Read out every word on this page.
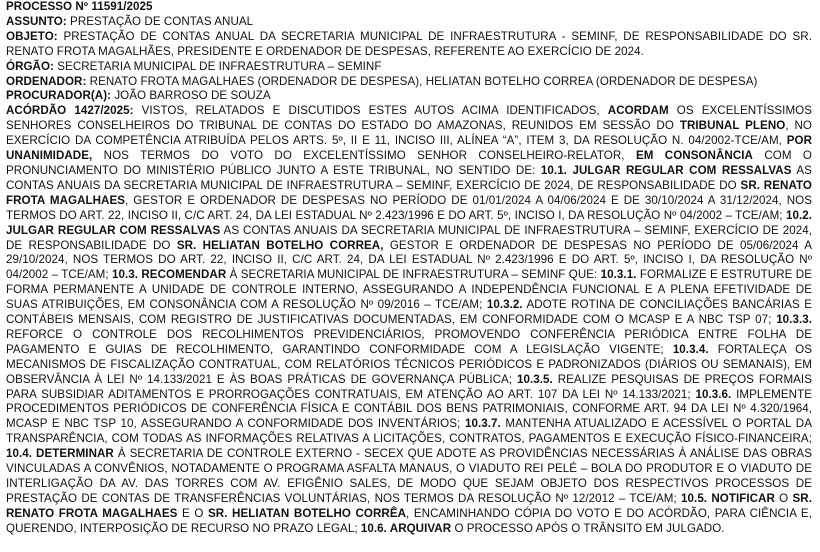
PROCESSO Nº 11591/2025
ASSUNTO: PRESTAÇÃO DE CONTAS ANUAL
OBJETO: PRESTAÇÃO DE CONTAS ANUAL DA SECRETARIA MUNICIPAL DE INFRAESTRUTURA - SEMINF, DE RESPONSABILIDADE DO SR. RENATO FROTA MAGALHÃES, PRESIDENTE E ORDENADOR DE DESPESAS, REFERENTE AO EXERCÍCIO DE 2024.
ÓRGÃO: SECRETARIA MUNICIPAL DE INFRAESTRUTURA – SEMINF
ORDENADOR: RENATO FROTA MAGALHAES (ORDENADOR DE DESPESA), HELIATAN BOTELHO CORREA (ORDENADOR DE DESPESA)
PROCURADOR(A): JOÃO BARROSO DE SOUZA
ACÓRDÃO 1427/2025: VISTOS, RELATADOS E DISCUTIDOS ESTES AUTOS ACIMA IDENTIFICADOS, ACORDAM OS EXCELENTÍSSIMOS SENHORES CONSELHEIROS DO TRIBUNAL DE CONTAS DO ESTADO DO AMAZONAS, REUNIDOS EM SESSÃO DO TRIBUNAL PLENO, NO EXERCÍCIO DA COMPETÊNCIA ATRIBUÍDA PELOS ARTS. 5º, II E 11, INCISO III, ALÍNEA “A”, ITEM 3, DA RESOLUÇÃO N. 04/2002-TCE/AM, POR UNANIMIDADE, NOS TERMOS DO VOTO DO EXCELENTÍSSIMO SENHOR CONSELHEIRO-RELATOR, EM CONSONÂNCIA COM O PRONUNCIAMENTO DO MINISTÉRIO PÚBLICO JUNTO A ESTE TRIBUNAL, NO SENTIDO DE: 10.1. JULGAR REGULAR COM RESSALVAS AS CONTAS ANUAIS DA SECRETARIA MUNICIPAL DE INFRAESTRUTURA – SEMINF, EXERCÍCIO DE 2024, DE RESPONSABILIDADE DO SR. RENATO FROTA MAGALHAES, GESTOR E ORDENADOR DE DESPESAS NO PERÍODO DE 01/01/2024 A 04/06/2024 E DE 30/10/2024 A 31/12/2024, NOS TERMOS DO ART. 22, INCISO II, C/C ART. 24, DA LEI ESTADUAL Nº 2.423/1996 E DO ART. 5º, INCISO I, DA RESOLUÇÃO Nº 04/2002 – TCE/AM; 10.2. JULGAR REGULAR COM RESSALVAS AS CONTAS ANUAIS DA SECRETARIA MUNICIPAL DE INFRAESTRUTURA – SEMINF, EXERCÍCIO DE 2024, DE RESPONSABILIDADE DO SR. HELIATAN BOTELHO CORREA, GESTOR E ORDENADOR DE DESPESAS NO PERÍODO DE 05/06/2024 A 29/10/2024, NOS TERMOS DO ART. 22, INCISO II, C/C ART. 24, DA LEI ESTADUAL Nº 2.423/1996 E DO ART. 5º, INCISO I, DA RESOLUÇÃO Nº 04/2002 – TCE/AM; 10.3. RECOMENDAR À SECRETARIA MUNICIPAL DE INFRAESTRUTURA – SEMINF QUE: 10.3.1. FORMALIZE E ESTRUTURE DE FORMA PERMANENTE A UNIDADE DE CONTROLE INTERNO, ASSEGURANDO A INDEPENDÊNCIA FUNCIONAL E A PLENA EFETIVIDADE DE SUAS ATRIBUIÇÕES, EM CONSONÂNCIA COM A RESOLUÇÃO Nº 09/2016 – TCE/AM; 10.3.2. ADOTE ROTINA DE CONCILIAÇÕES BANCÁRIAS E CONTÁBEIS MENSAIS, COM REGISTRO DE JUSTIFICATIVAS DOCUMENTADAS, EM CONFORMIDADE COM O MCASP E A NBC TSP 07; 10.3.3. REFORCE O CONTROLE DOS RECOLHIMENTOS PREVIDENCIÁRIOS, PROMOVENDO CONFERÊNCIA PERIÓDICA ENTRE FOLHA DE PAGAMENTO E GUIAS DE RECOLHIMENTO, GARANTINDO CONFORMIDADE COM A LEGISLAÇÃO VIGENTE; 10.3.4. FORTALEÇA OS MECANISMOS DE FISCALIZAÇÃO CONTRATUAL, COM RELATÓRIOS TÉCNICOS PERIÓDICOS E PADRONIZADOS (DIÁRIOS OU SEMANAIS), EM OBSERVÂNCIA À LEI Nº 14.133/2021 E ÀS BOAS PRÁTICAS DE GOVERNANÇA PÚBLICA; 10.3.5. REALIZE PESQUISAS DE PREÇOS FORMAIS PARA SUBSIDIAR ADITAMENTOS E PRORROGAÇÕES CONTRATUAIS, EM ATENÇÃO AO ART. 107 DA LEI Nº 14.133/2021; 10.3.6. IMPLEMENTE PROCEDIMENTOS PERIÓDICOS DE CONFERÊNCIA FÍSICA E CONTÁBIL DOS BENS PATRIMONIAIS, CONFORME ART. 94 DA LEI Nº 4.320/1964, MCASP E NBC TSP 10, ASSEGURANDO A CONFORMIDADE DOS INVENTÁRIOS; 10.3.7. MANTENHA ATUALIZADO E ACESSÍVEL O PORTAL DA TRANSPARÊNCIA, COM TODAS AS INFORMAÇÕES RELATIVAS A LICITAÇÕES, CONTRATOS, PAGAMENTOS E EXECUÇÃO FÍSICO-FINANCEIRA; 10.4. DETERMINAR À SECRETARIA DE CONTROLE EXTERNO - SECEX QUE ADOTE AS PROVIDÊNCIAS NECESSÁRIAS À ANÁLISE DAS OBRAS VINCULADAS A CONVÊNIOS, NOTADAMENTE O PROGRAMA ASFALTA MANAUS, O VIADUTO REI PELÉ – BOLA DO PRODUTOR E O VIADUTO DE INTERLIGAÇÃO DA AV. DAS TORRES COM AV. EFIGÊNIO SALES, DE MODO QUE SEJAM OBJETO DOS RESPECTIVOS PROCESSOS DE PRESTAÇÃO DE CONTAS DE TRANSFERÊNCIAS VOLUNTÁRIAS, NOS TERMOS DA RESOLUÇÃO Nº 12/2012 – TCE/AM; 10.5. NOTIFICAR O SR. RENATO FROTA MAGALHAES E O SR. HELIATAN BOTELHO CORRÊA, ENCAMINHANDO CÓPIA DO VOTO E DO ACÓRDÃO, PARA CIÊNCIA E, QUERENDO, INTERPOSIÇÃO DE RECURSO NO PRAZO LEGAL; 10.6. ARQUIVAR O PROCESSO APÓS O TRÂNSITO EM JULGADO.
